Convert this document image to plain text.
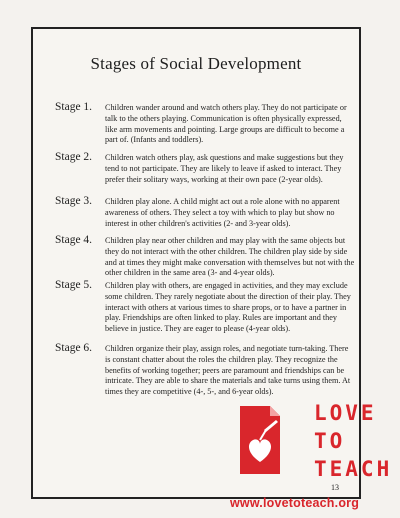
Stages of Social Development
Stage 1.	Children wander around and watch others play. They do not participate or talk to the others playing. Communication is often physically expressed, like arm movements and pointing. Large groups are difficult to become a part of. (Infants and toddlers).
Stage 2.	Children watch others play, ask questions and make suggestions but they tend to not participate. They are likely to leave if asked to interact. They prefer their solitary ways, working at their own pace (2-year olds).
Stage 3.	Children play alone. A child might act out a role alone with no apparent awareness of others. They select a toy with which to play but show no interest in other children's activities (2- and 3-year olds).
Stage 4.	Children play near other children and may play with the same objects but they do not interact with the other children. The children play side by side and at times they might make conversation with themselves but not with the other children in the same area (3- and 4-year olds).
Stage 5.	Children play with others, are engaged in activities, and they may exclude some children. They rarely negotiate about the direction of their play. They interact with others at various times to share props, or to have a partner in play. Friendships are often linked to play. Rules are important and they believe in justice. They are eager to please (4-year olds).
Stage 6.	Children organize their play, assign roles, and negotiate turn-taking. There is constant chatter about the roles the children play. They recognize the benefits of working together; peers are paramount and friendships can be intricate. They are able to share the materials and take turns using them. At times they are competitive (4-, 5-, and 6-year olds).
13
LOVE
TO
TEACH
www.lovetoteach.org
